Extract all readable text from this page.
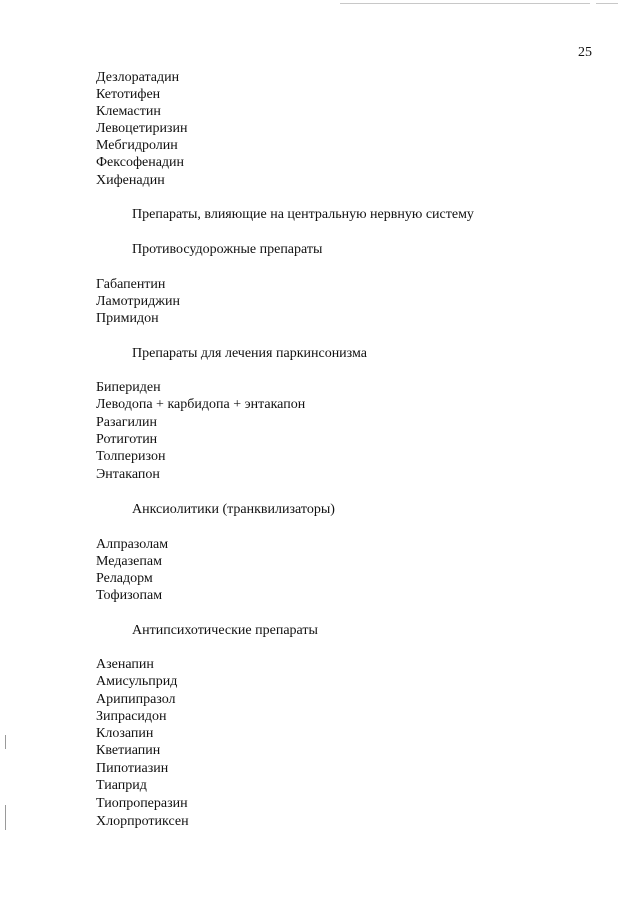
25
Дезлоратадин
Кетотифен
Клемастин
Левоцетиризин
Мебгидролин
Фексофенадин
Хифенадин
Препараты, влияющие на центральную нервную систему
Противосудорожные препараты
Габапентин
Ламотриджин
Примидон
Препараты для лечения паркинсонизма
Бипериден
Леводопа + карбидопа + энтакапон
Разагилин
Ротиготин
Толперизон
Энтакапон
Анксиолитики (транквилизаторы)
Алпразолам
Медазепам
Реладорм
Тофизопам
Антипсихотические препараты
Азенапин
Амисульприд
Арипипразол
Зипрасидон
Клозапин
Кветиапин
Пипотиазин
Тиаприд
Тиопроперазин
Хлорпротиксен
